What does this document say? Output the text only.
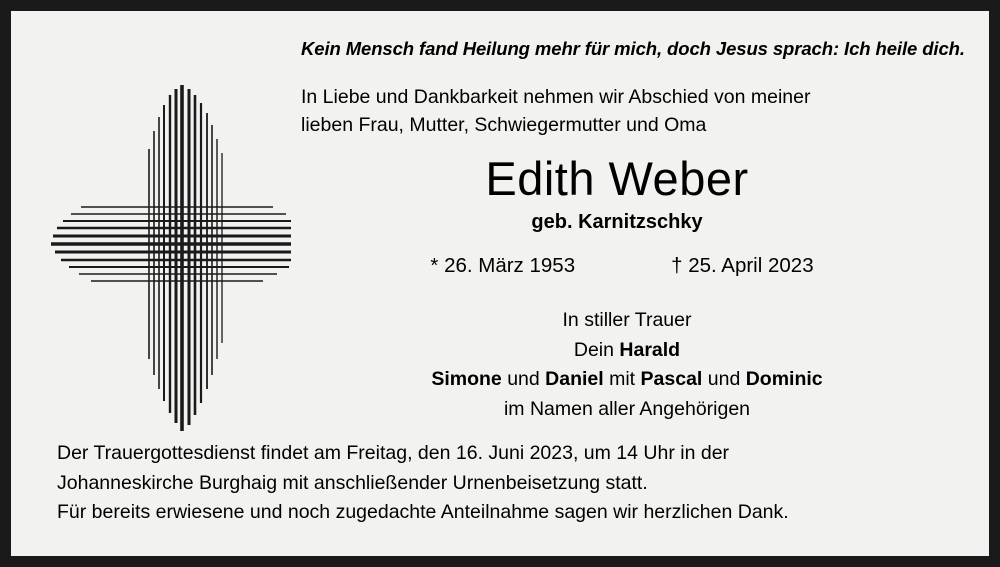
Kein Mensch fand Heilung mehr für mich, doch Jesus sprach: Ich heile dich.
In Liebe und Dankbarkeit nehmen wir Abschied von meiner
lieben Frau, Mutter, Schwiegermutter und Oma
Edith Weber
geb. Karnitzschky
* 26. März 1953	† 25. April 2023
In stiller Trauer
Dein Harald
Simone und Daniel mit Pascal und Dominic
im Namen aller Angehörigen
Der Trauergottesdienst findet am Freitag, den 16. Juni 2023, um 14 Uhr in der
Johanneskirche Burghaig mit anschließender Urnenbeisetzung statt.
Für bereits erwiesene und noch zugedachte Anteilnahme sagen wir herzlichen Dank.
